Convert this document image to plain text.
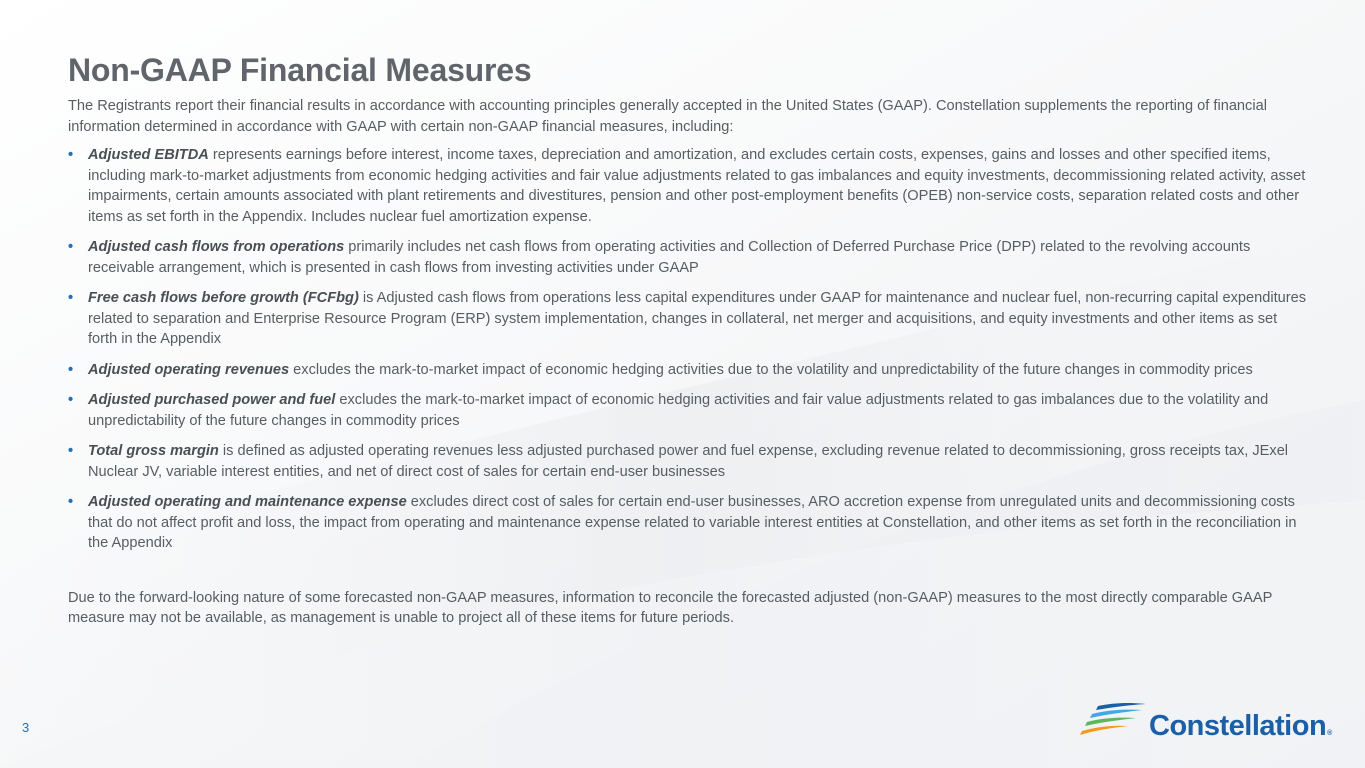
Non-GAAP Financial Measures

The Registrants report their financial results in accordance with accounting principles generally accepted in the United States (GAAP). Constellation supplements the reporting of financial information determined in accordance with GAAP with certain non-GAAP financial measures, including:

• Adjusted EBITDA represents earnings before interest, income taxes, depreciation and amortization, and excludes certain costs, expenses, gains and losses and other specified items, including mark-to-market adjustments from economic hedging activities and fair value adjustments related to gas imbalances and equity investments, decommissioning related activity, asset impairments, certain amounts associated with plant retirements and divestitures, pension and other post-employment benefits (OPEB) non-service costs, separation related costs and other items as set forth in the Appendix. Includes nuclear fuel amortization expense.
• Adjusted cash flows from operations primarily includes net cash flows from operating activities and Collection of Deferred Purchase Price (DPP) related to the revolving accounts receivable arrangement, which is presented in cash flows from investing activities under GAAP
• Free cash flows before growth (FCFbg) is Adjusted cash flows from operations less capital expenditures under GAAP for maintenance and nuclear fuel, non-recurring capital expenditures related to separation and Enterprise Resource Program (ERP) system implementation, changes in collateral, net merger and acquisitions, and equity investments and other items as set forth in the Appendix
• Adjusted operating revenues excludes the mark-to-market impact of economic hedging activities due to the volatility and unpredictability of the future changes in commodity prices
• Adjusted purchased power and fuel excludes the mark-to-market impact of economic hedging activities and fair value adjustments related to gas imbalances due to the volatility and unpredictability of the future changes in commodity prices
• Total gross margin is defined as adjusted operating revenues less adjusted purchased power and fuel expense, excluding revenue related to decommissioning, gross receipts tax, JExel Nuclear JV, variable interest entities, and net of direct cost of sales for certain end-user businesses
• Adjusted operating and maintenance expense excludes direct cost of sales for certain end-user businesses, ARO accretion expense from unregulated units and decommissioning costs that do not affect profit and loss, the impact from operating and maintenance expense related to variable interest entities at Constellation, and other items as set forth in the reconciliation in the Appendix

Due to the forward-looking nature of some forecasted non-GAAP measures, information to reconcile the forecasted adjusted (non-GAAP) measures to the most directly comparable GAAP measure may not be available, as management is unable to project all of these items for future periods.

3	Constellation®
